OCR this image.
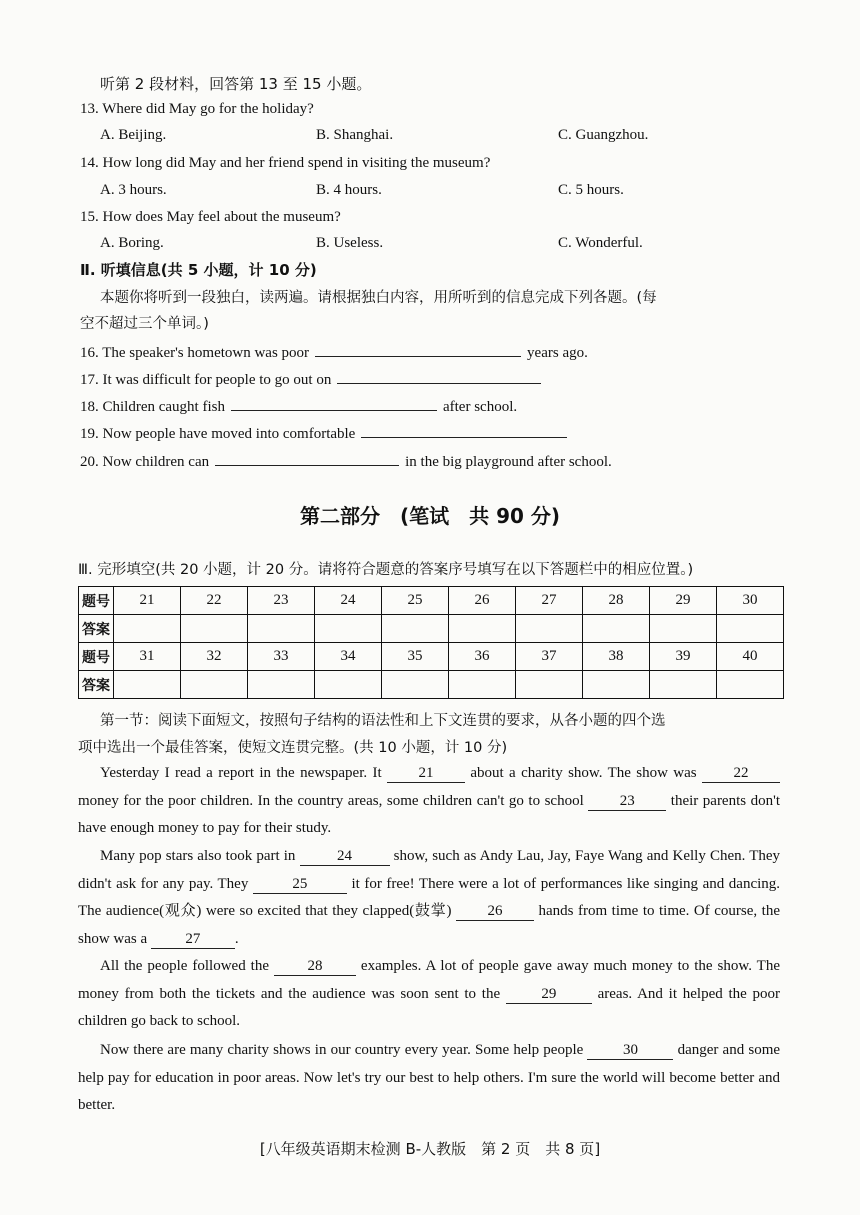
听第 2 段材料，回答第 13 至 15 小题。
13. Where did May go for the holiday?
A. Beijing.	B. Shanghai.	C. Guangzhou.
14. How long did May and her friend spend in visiting the museum?
A. 3 hours.	B. 4 hours.	C. 5 hours.
15. How does May feel about the museum?
A. Boring.	B. Useless.	C. Wonderful.
Ⅱ. 听填信息(共 5 小题，计 10 分)
本题你将听到一段独白，读两遍。请根据独白内容，用所听到的信息完成下列各题。(每
空不超过三个单词。)
16. The speaker's hometown was poor	years ago.
17. It was difficult for people to go out on
18. Children caught fish	after school.
19. Now people have moved into comfortable
20. Now children can	in the big playground after school.
第二部分　(笔试　共 90 分)
Ⅲ. 完形填空(共 20 小题，计 20 分。请将符合题意的答案序号填写在以下答题栏中的相应位置。)
题号	21	22	23	24	25	26	27	28	29	30
答案										
题号	31	32	33	34	35	36	37	38	39	40
答案										
第一节：阅读下面短文，按照句子结构的语法性和上下文连贯的要求，从各小题的四个选
项中选出一个最佳答案，使短文连贯完整。(共 10 小题，计 10 分)
Yesterday I read a report in the newspaper. It 21 about a charity show. The show was 22 money for the poor children. In the country areas, some children can't go to school 23 their parents don't have enough money to pay for their study.
Many pop stars also took part in	24	show, such as Andy Lau, Jay, Faye Wang and Kelly Chen. They didn't ask for any pay. They	25	it for free! There were a lot of performances like singing and dancing. The audience(观众) were so excited that they clapped(鼓掌) 26 hands from time to time. Of course, the show was a	27 .
All the people followed the	28	examples. A lot of people gave away much money to the show. The money from both the tickets and the audience was soon sent to the	29	areas. And it helped the poor children go back to school.
Now there are many charity shows in our country every year. Some help people	30	danger and some help pay for education in poor areas. Now let's try our best to help others. I'm sure the world will become better and better.
[八年级英语期末检测 B-人教版　第 2 页　共 8 页]
